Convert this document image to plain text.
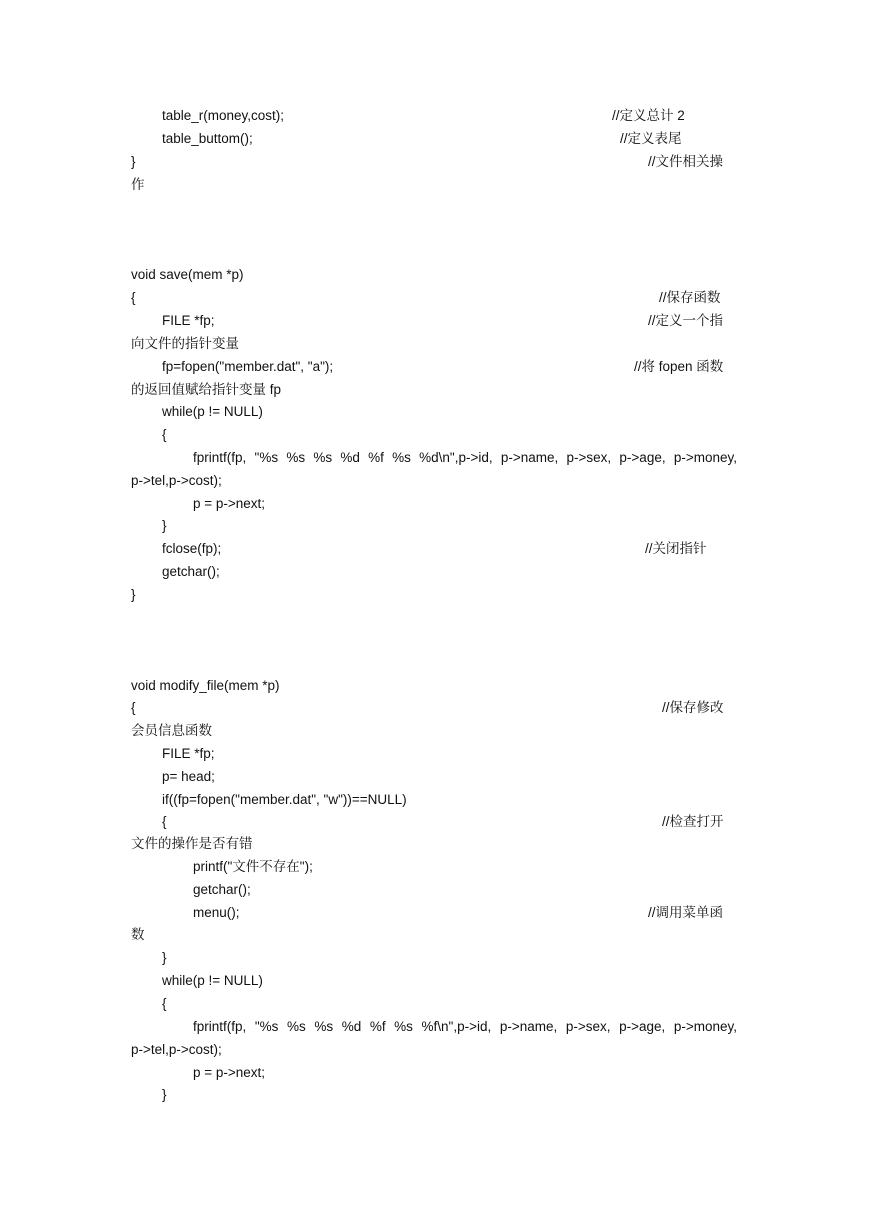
table_r(money,cost);	//定义总计 2
table_buttom();	//定义表尾
}	//文件相关操
作
void save(mem *p)
{	//保存函数
FILE *fp;	//定义一个指
向文件的指针变量
fp=fopen("member.dat", "a");	//将 fopen 函数
的返回值赋给指针变量 fp
while(p != NULL)
{
fprintf(fp, "%s %s %s %d %f %s %d\n",p->id, p->name, p->sex, p->age, p->money,
p->tel,p->cost);
p = p->next;
}
fclose(fp);	//关闭指针
getchar();
}
void modify_file(mem *p)
{	//保存修改
会员信息函数
FILE *fp;
p= head;
if((fp=fopen("member.dat", "w"))==NULL)
{	//检查打开
文件的操作是否有错
printf("文件不存在");
getchar();
menu();	//调用菜单函
数
}
while(p != NULL)
{
fprintf(fp, "%s %s %s %d %f %s %f\n",p->id, p->name, p->sex, p->age, p->money,
p->tel,p->cost);
p = p->next;
}
